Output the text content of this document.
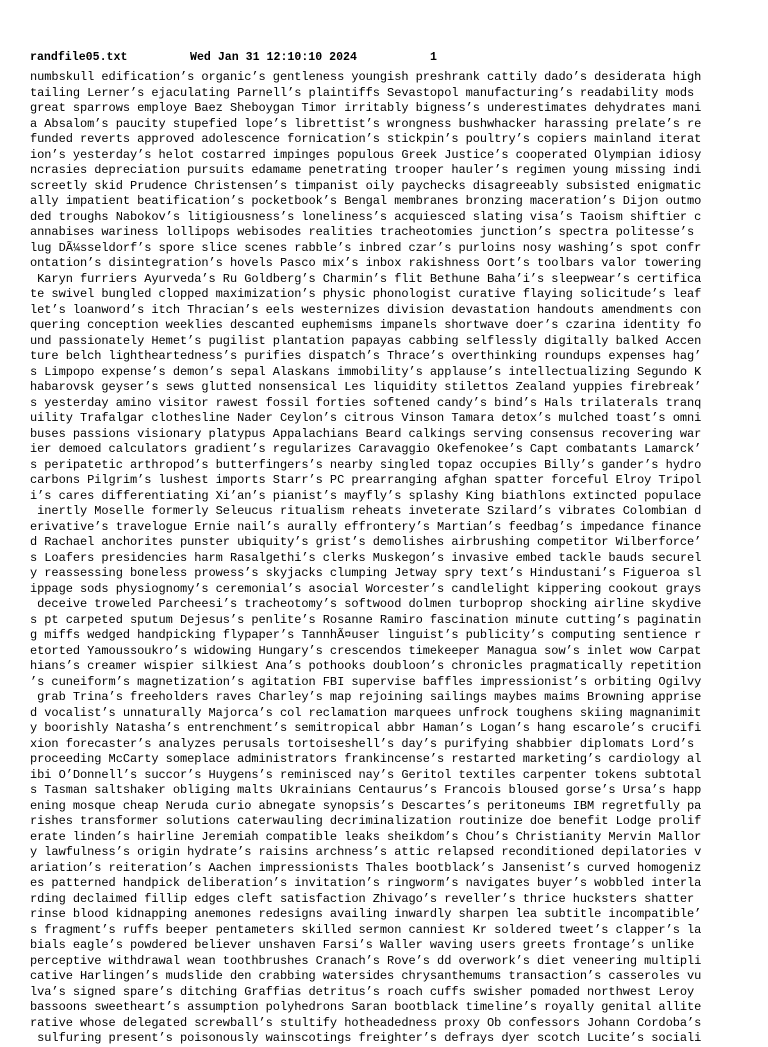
randfile05.txt	Wed Jan 31 12:10:10 2024	1
numbskull edification’s organic’s gentleness youngish preshrank cattily dado’s desiderata high
tailing Lerner’s ejaculating Parnell’s plaintiffs Sevastopol manufacturing’s readability mods
great sparrows employe Baez Sheboygan Timor irritably bigness’s underestimates dehydrates mani
a Absalom’s paucity stupefied lope’s librettist’s wrongness bushwhacker harassing prelate’s re
funded reverts approved adolescence fornication’s stickpin’s poultry’s copiers mainland iterat
ion’s yesterday’s helot costarred impinges populous Greek Justice’s cooperated Olympian idiosy
ncrasies depreciation pursuits edamame penetrating trooper hauler’s regimen young missing indi
screetly skid Prudence Christensen’s timpanist oily paychecks disagreeably subsisted enigmatic
ally impatient beatification’s pocketbook’s Bengal membranes bronzing maceration’s Dijon outmo
ded troughs Nabokov’s litigiousness’s loneliness’s acquiesced slating visa’s Taoism shiftier c
annabises wariness lollipops webisodes realities tracheotomies junction’s spectra politesse’s
lug DÃ¼sseldorf’s spore slice scenes rabble’s inbred czar’s purloins nosy washing’s spot confr
ontation’s disintegration’s hovels Pasco mix’s inbox rakishness Oort’s toolbars valor towering
Karyn furriers Ayurveda’s Ru Goldberg’s Charmin’s flit Bethune Baha’i’s sleepwear’s certifica
te swivel bungled clopped maximization’s physic phonologist curative flaying solicitude’s leaf
let’s loanword’s itch Thracian’s eels westernizes division devastation handouts amendments con
quering conception weeklies descanted euphemisms impanels shortwave doer’s czarina identity fo
und passionately Hemet’s pugilist plantation papayas cabbing selflessly digitally balked Accen
ture belch lightheartedness’s purifies dispatch’s Thrace’s overthinking roundups expenses hag’
s Limpopo expense’s demon’s sepal Alaskans immobility’s applause’s intellectualizing Segundo K
habarovsk geyser’s sews glutted nonsensical Les liquidity stilettos Zealand yuppies firebreak’
s yesterday amino visitor rawest fossil forties softened candy’s bind’s Hals trilaterals tranq
uility Trafalgar clothesline Nader Ceylon’s citrous Vinson Tamara detox’s mulched toast’s omni
buses passions visionary platypus Appalachians Beard calkings serving consensus recovering war
ier demoed calculators gradient’s regularizes Caravaggio Okefenokee’s Capt combatants Lamarck’
s peripatetic arthropod’s butterfingers’s nearby singled topaz occupies Billy’s gander’s hydro
carbons Pilgrim’s lushest imports Starr’s PC prearranging afghan spatter forceful Elroy Tripol
i’s cares differentiating Xi’an’s pianist’s mayfly’s splashy King biathlons extincted populace
inertly Moselle formerly Seleucus ritualism reheats inveterate Szilard’s vibrates Colombian d
erivative’s travelogue Ernie nail’s aurally effrontery’s Martian’s feedbag’s impedance finance
d Rachael anchorites punster ubiquity’s grist’s demolishes airbrushing competitor Wilberforce’
s Loafers presidencies harm Rasalgethi’s clerks Muskegon’s invasive embed tackle bauds securel
y reassessing boneless prowess’s skyjacks clumping Jetway spry text’s Hindustani’s Figueroa sl
ippage sods physiognomy’s ceremonial’s asocial Worcester’s candlelight kippering cookout grays
deceive troweled Parcheesi’s tracheotomy’s softwood dolmen turboprop shocking airline skydive
s pt carpeted sputum Dejesus’s penlite’s Rosanne Ramiro fascination minute cutting’s paginatin
g miffs wedged handpicking flypaper’s TannhÃ¤user linguist’s publicity’s computing sentience r
etorted Yamoussoukro’s widowing Hungary’s crescendos timekeeper Managua sow’s inlet wow Carpat
hians’s creamer wispier silkiest Ana’s pothooks doubloon’s chronicles pragmatically repetition
’s cuneiform’s magnetization’s agitation FBI supervise baffles impressionist’s orbiting Ogilvy
grab Trina’s freeholders raves Charley’s map rejoining sailings maybes maims Browning apprise
d vocalist’s unnaturally Majorca’s col reclamation marquees unfrock toughens skiing magnanimit
y boorishly Natasha’s entrenchment’s semitropical abbr Haman’s Logan’s hang escarole’s crucifi
xion forecaster’s analyzes perusals tortoiseshell’s day’s purifying shabbier diplomats Lord’s
proceeding McCarty someplace administrators frankincense’s restarted marketing’s cardiology al
ibi O’Donnell’s succor’s Huygens’s reminisced nay’s Geritol textiles carpenter tokens subtotal
s Tasman saltshaker obliging malts Ukrainians Centaurus’s Francois bloused gorse’s Ursa’s happ
ening mosque cheap Neruda curio abnegate synopsis’s Descartes’s peritoneums IBM regretfully pa
rishes transformer solutions caterwauling decriminalization routinize doe benefit Lodge prolif
erate linden’s hairline Jeremiah compatible leaks sheikdom’s Chou’s Christianity Mervin Mallor
y lawfulness’s origin hydrate’s raisins archness’s attic relapsed reconditioned depilatories v
ariation’s reiteration’s Aachen impressionists Thales bootblack’s Jansenist’s curved homogeniz
es patterned handpick deliberation’s invitation’s ringworm’s navigates buyer’s wobbled interla
rding declaimed fillip edges cleft satisfaction Zhivago’s reveller’s thrice hucksters shatter
rinse blood kidnapping anemones redesigns availing inwardly sharpen lea subtitle incompatible’
s fragment’s ruffs beeper pentameters skilled sermon canniest Kr soldered tweet’s clapper’s la
bials eagle’s powdered believer unshaven Farsi’s Waller waving users greets frontage’s unlike
perceptive withdrawal wean toothbrushes Cranach’s Rove’s dd overwork’s diet veneering multipli
cative Harlingen’s mudslide den crabbing watersides chrysanthemums transaction’s casseroles vu
lva’s signed spare’s ditching Graffias detritus’s roach cuffs swisher pomaded northwest Leroy
bassoons sweetheart’s assumption polyhedrons Saran bootblack timeline’s royally genital allite
rative whose delegated screwball’s stultify hotheadedness proxy Ob confessors Johann Cordoba’s
sulfuring present’s poisonously wainscotings freighter’s defrays dyer scotch Lucite’s sociali
